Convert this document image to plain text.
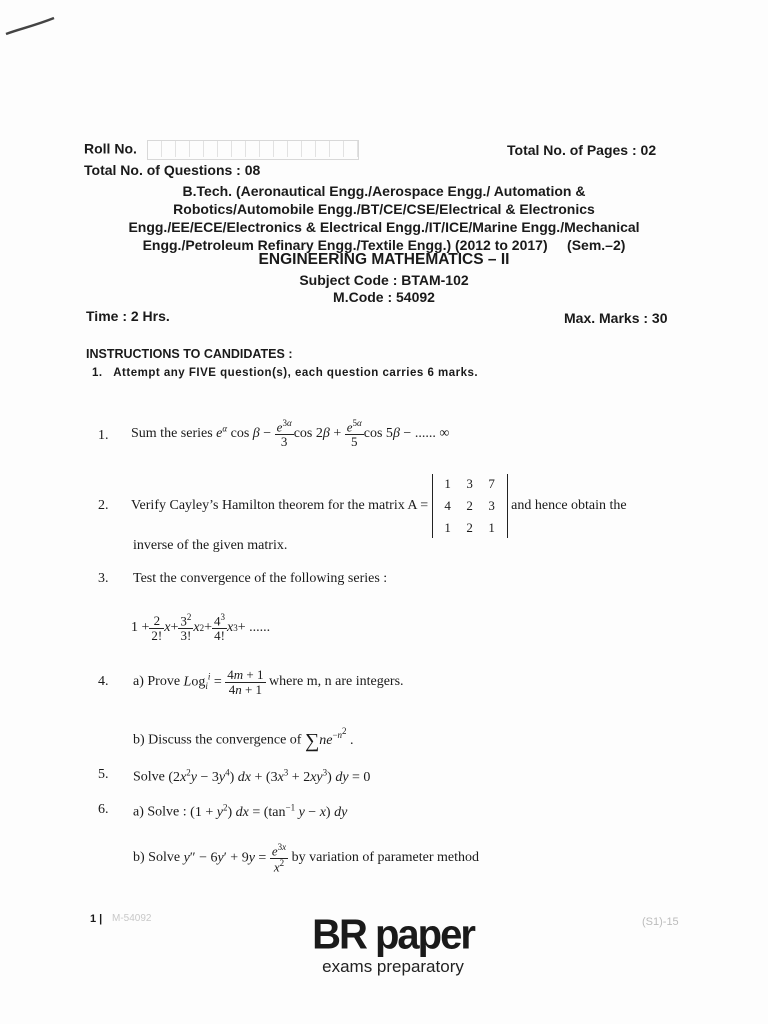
Roll No.	Total No. of Pages : 02
Total No. of Questions : 08
B.Tech. (Aeronautical Engg./Aerospace Engg./ Automation &
Robotics/Automobile Engg./BT/CE/CSE/Electrical & Electronics
Engg./EE/ECE/Electronics & Electrical Engg./IT/ICE/Marine Engg./Mechanical
Engg./Petroleum Refinary Engg./Textile Engg.) (2012 to 2017)     (Sem.–2)
ENGINEERING MATHEMATICS – II
Subject Code : BTAM-102
M.Code : 54092
Time : 2 Hrs.	Max. Marks : 30
INSTRUCTIONS TO CANDIDATES :
1.   Attempt any FIVE question(s), each question carries 6 marks.
1. Sum the series
$e^\alpha$ $\cos \beta - \frac{e^{3\alpha}}{3}$ $\cos 2\beta + \frac{e^{5\alpha}}{5}$ cos 5β − ...... ∞
2. Verify Cayley’s Hamilton theorem for the matrix A =

1	3	7
4	2	3
1	2	1

and hence obtain the
inverse of the given matrix.
3. Test the convergence of the following series :
$1 + \frac{2}{2!}$ $x + \frac{3^2}{3!}$ x $2 + \frac{4^3}{4!}$ x 3 + ......
4. a) Prove
$Log_i^i = \frac{4m + 1}{4n + 1}$
where m, n are integers.
b) Discuss the convergence of $\sum ne^{-n^2}$ .
5. Solve $(2x^2y - 3y^4)$ dx + $(3x^3 + 2xy^3)$ dy = 0
6. a) Solve : $(1 + y^2)$ dx = ($\tan^{-1}$ y − x) dy
b) Solve
$y'' - 6y' + 9y = \frac{e^{3x}}{x^2}$
by variation of parameter method
1 | M-54092	BR paper
exams preparatory
(S1)-15
